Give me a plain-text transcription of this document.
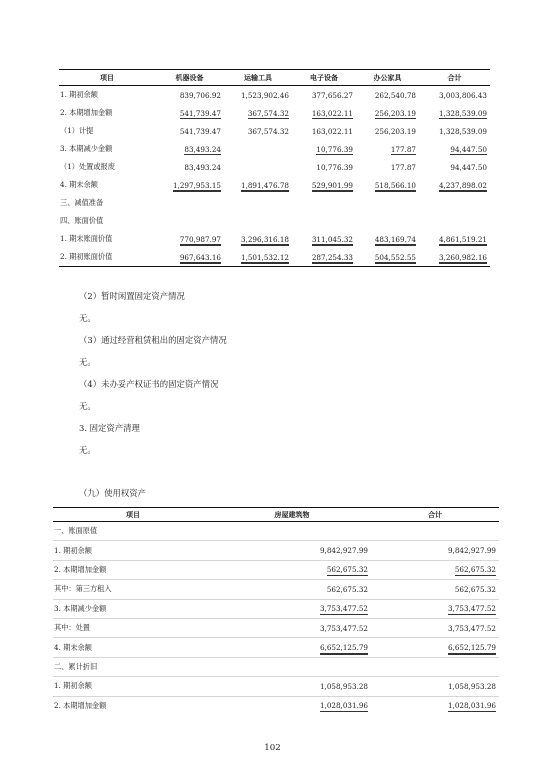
项目	机器设备	运输工具	电子设备	办公家具	合计
1. 期初余额	839,706.92	1,523,902.46	377,656.27	262,540.78	3,003,806.43
2. 本期增加金额	541,739.47	367,574.32	163,022.11	256,203.19	1,328,539.09
（1）计提	541,739.47	367,574.32	163,022.11	256,203.19	1,328,539.09
3. 本期减少金额	83,493.24		10,776.39	177.87	94,447.50
（1）处置或报废	83,493.24		10,776.39	177.87	94,447.50
4. 期末余额	1,297,953.15	1,891,476.78	529,901.99	518,566.10	4,237,898.02
三、减值准备					
四、账面价值					
1. 期末账面价值	770,987.97	3,296,316.18	311,045.32	483,169.74	4,861,519.21
2. 期初账面价值	967,643.16	1,501,532.12	287,254.33	504,552.55	3,260,982.16
（2）暂时闲置固定资产情况
无。
（3）通过经营租赁租出的固定资产情况
无。
（4）未办妥产权证书的固定资产情况
无。
3. 固定资产清理
无。
（九）使用权资产
项目	房屋建筑物	合计
一、账面原值		
1. 期初余额	9,842,927.99	9,842,927.99
2. 本期增加金额	562,675.32	562,675.32
其中：第三方租入	562,675.32	562,675.32
3. 本期减少金额	3,753,477.52	3,753,477.52
其中：处置	3,753,477.52	3,753,477.52
4. 期末余额	6,652,125.79	6,652,125.79
二、累计折旧		
1. 期初余额	1,058,953.28	1,058,953.28
2. 本期增加金额	1,028,031.96	1,028,031.96
102
